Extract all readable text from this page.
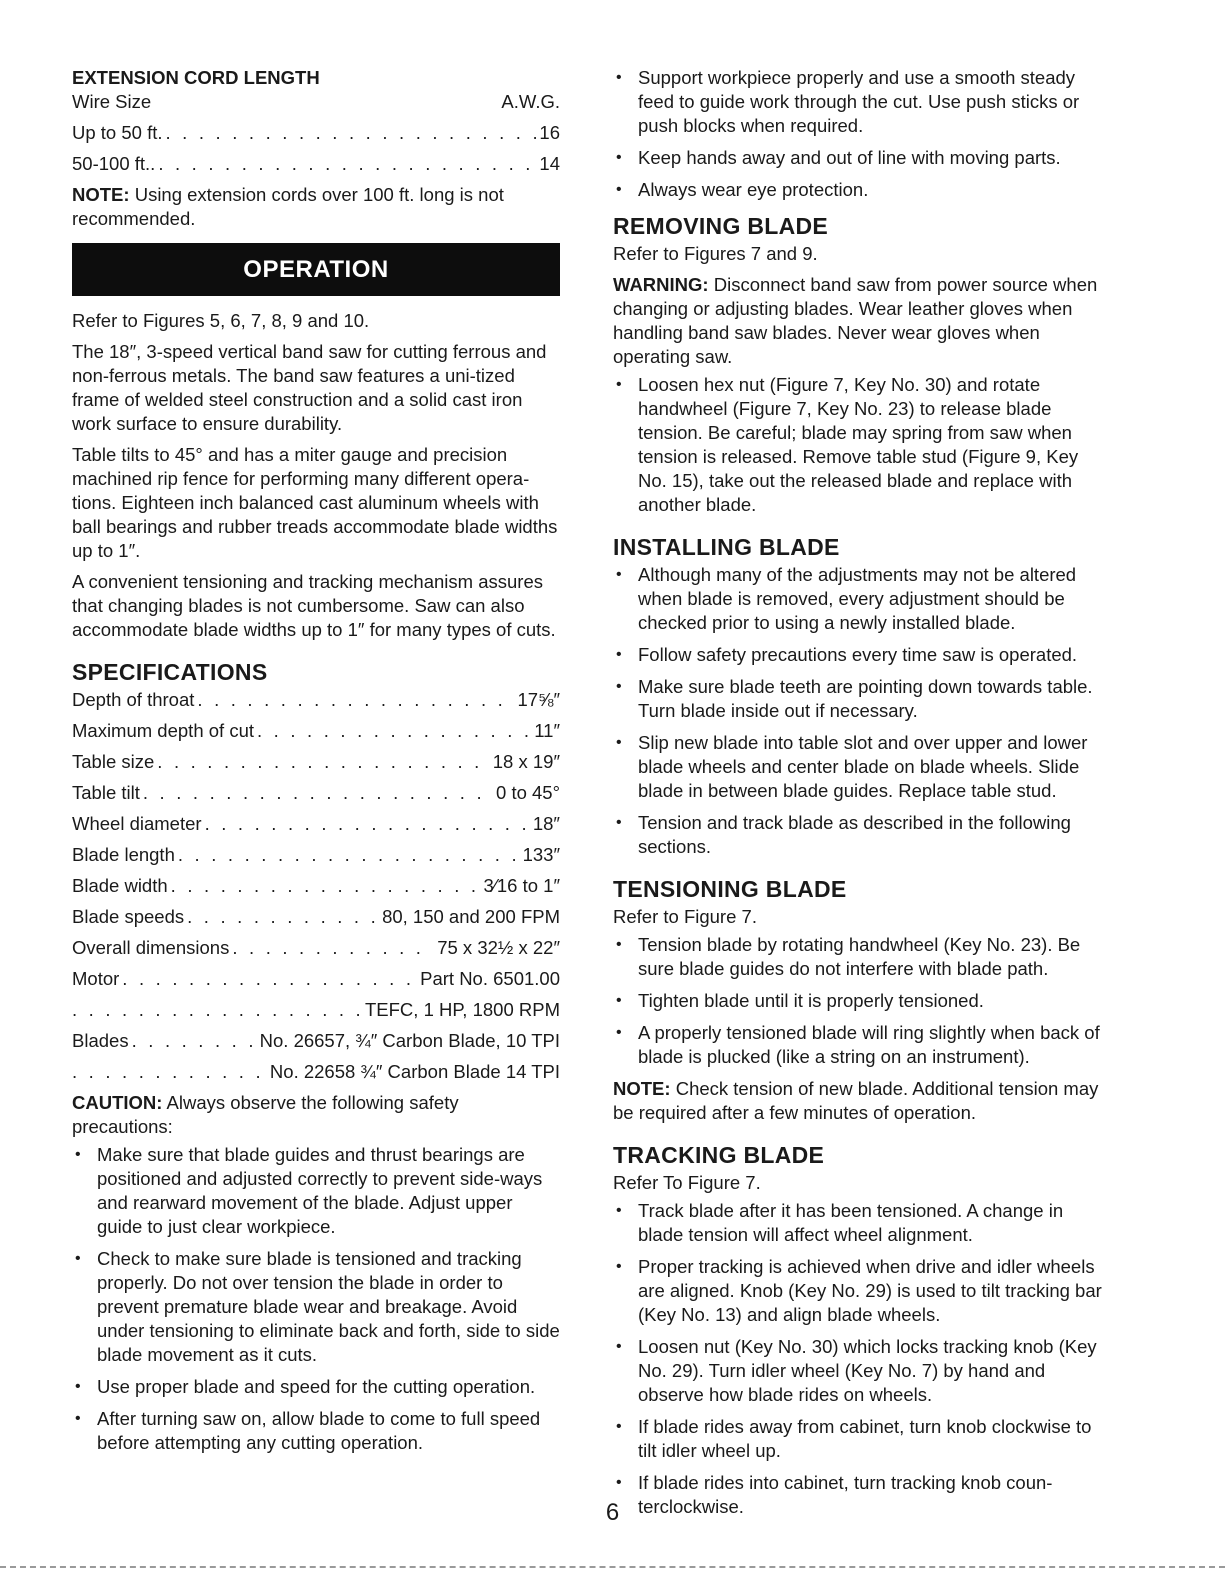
EXTENSION CORD LENGTH

Wire Size	A.W.G.
Up to 50 ft. . . .	16
50-100 ft.. . . .	14

NOTE: Using extension cords over 100 ft. long is not recommended.

OPERATION

Refer to Figures 5, 6, 7, 8, 9 and 10.

The 18″, 3-speed vertical band saw for cutting ferrous and non-ferrous metals. The band saw features a uni-tized frame of welded steel construction and a solid cast iron work surface to ensure durability.

Table tilts to 45° and has a miter gauge and precision machined rip fence for performing many different opera-tions. Eighteen inch balanced cast aluminum wheels with ball bearings and rubber treads accommodate blade widths up to 1″.

A convenient tensioning and tracking mechanism assures that changing blades is not cumbersome. Saw can also accommodate blade widths up to 1″ for many types of cuts.

SPECIFICATIONS
Depth of throat . . .	17⅝″
Maximum depth of cut . . .	11″
Table size . . .	18 x 19″
Table tilt . . .	0 to 45°
Wheel diameter . . .	18″
Blade length . . .	133″
Blade width . . .	3⁄16 to 1″
Blade speeds . . .	80, 150 and 200 FPM
Overall dimensions . . .	75 x 32½ x 22″
Motor . . .	Part No. 6501.00
. . .
TEFC, 1 HP, 1800 RPM
Blades . . .	No. 26657, ¾″ Carbon Blade, 10 TPI
. . .
No. 22658 ¾″ Carbon Blade 14 TPI

CAUTION: Always observe the following safety precautions:

• Make sure that blade guides and thrust bearings are positioned and adjusted correctly to prevent side-ways and rearward movement of the blade. Adjust upper guide to just clear workpiece.
• Check to make sure blade is tensioned and tracking properly. Do not over tension the blade in order to prevent premature blade wear and breakage. Avoid under tensioning to eliminate back and forth, side to side blade movement as it cuts.
• Use proper blade and speed for the cutting operation.
• After turning saw on, allow blade to come to full speed before attempting any cutting operation.
• Support workpiece properly and use a smooth steady feed to guide work through the cut. Use push sticks or push blocks when required.
• Keep hands away and out of line with moving parts.
• Always wear eye protection.
REMOVING BLADE

Refer to Figures 7 and 9.

WARNING: Disconnect band saw from power source when changing or adjusting blades. Wear leather gloves when handling band saw blades. Never wear gloves when operating saw.

• Loosen hex nut (Figure 7, Key No. 30) and rotate handwheel (Figure 7, Key No. 23) to release blade tension. Be careful; blade may spring from saw when tension is released. Remove table stud (Figure 9, Key No. 15), take out the released blade and replace with another blade.
INSTALLING BLADE
• Although many of the adjustments may not be altered when blade is removed, every adjustment should be checked prior to using a newly installed blade.
• Follow safety precautions every time saw is operated.
• Make sure blade teeth are pointing down towards table. Turn blade inside out if necessary.
• Slip new blade into table slot and over upper and lower blade wheels and center blade on blade wheels. Slide blade in between blade guides. Replace table stud.
• Tension and track blade as described in the following sections.
TENSIONING BLADE

Refer to Figure 7.

• Tension blade by rotating handwheel (Key No. 23). Be sure blade guides do not interfere with blade path.
• Tighten blade until it is properly tensioned.
• A properly tensioned blade will ring slightly when back of blade is plucked (like a string on an instrument).

NOTE: Check tension of new blade. Additional tension may be required after a few minutes of operation.

TRACKING BLADE

Refer To Figure 7.

• Track blade after it has been tensioned. A change in blade tension will affect wheel alignment.
• Proper tracking is achieved when drive and idler wheels are aligned. Knob (Key No. 29) is used to tilt tracking bar (Key No. 13) and align blade wheels.
• Loosen nut (Key No. 30) which locks tracking knob (Key No. 29). Turn idler wheel (Key No. 7) by hand and observe how blade rides on wheels.
• If blade rides away from cabinet, turn knob clockwise to tilt idler wheel up.
• If blade rides into cabinet, turn tracking knob coun-terclockwise.
6
